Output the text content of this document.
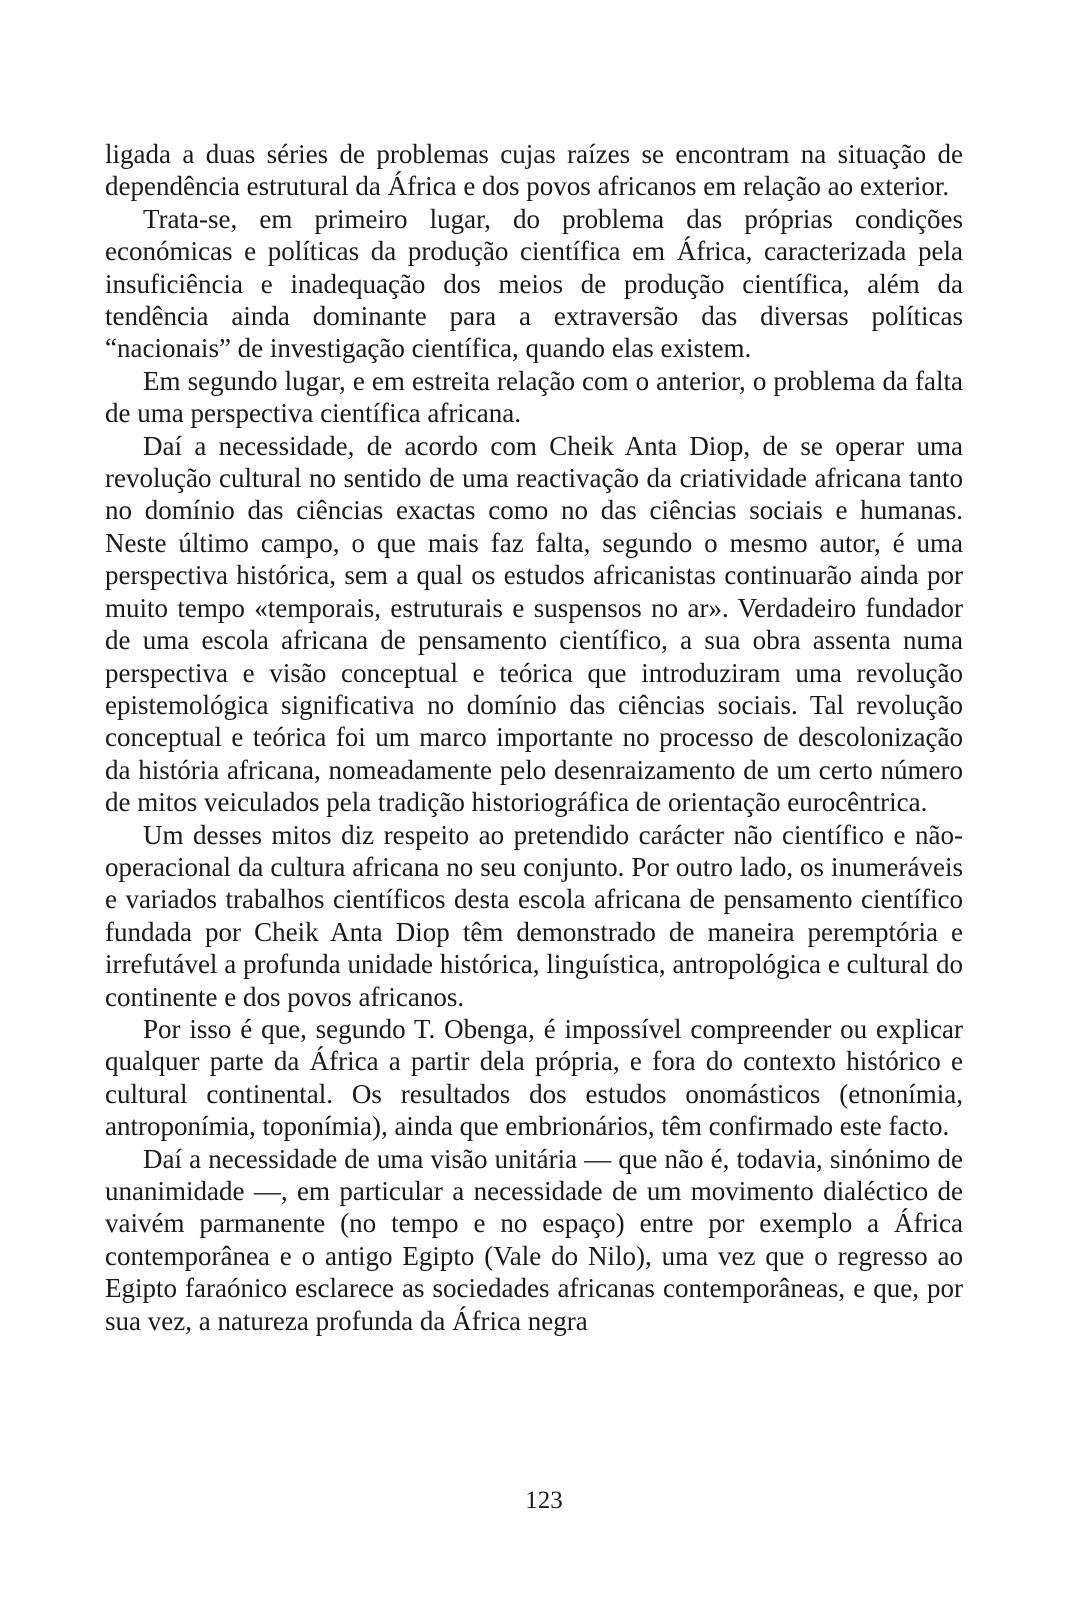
ligada a duas séries de problemas cujas raízes se encontram na situação de dependência estrutural da África e dos povos africanos em relação ao exterior.

Trata-se, em primeiro lugar, do problema das próprias condições económicas e políticas da produção científica em África, caracterizada pela insuficiência e inadequação dos meios de produção científica, além da tendência ainda dominante para a extraversão das diversas políticas “nacionais” de investigação científica, quando elas existem.

Em segundo lugar, e em estreita relação com o anterior, o problema da falta de uma perspectiva científica africana.

Daí a necessidade, de acordo com Cheik Anta Diop, de se operar uma revolução cultural no sentido de uma reactivação da criatividade africana tanto no domínio das ciências exactas como no das ciências sociais e humanas. Neste último campo, o que mais faz falta, segundo o mesmo autor, é uma perspectiva histórica, sem a qual os estudos africanistas continuarão ainda por muito tempo «temporais, estruturais e suspensos no ar». Verdadeiro fundador de uma escola africana de pensamento científico, a sua obra assenta numa perspectiva e visão conceptual e teórica que introduziram uma revolução epistemológica significativa no domínio das ciências sociais. Tal revolução conceptual e teórica foi um marco importante no processo de descolonização da história africana, nomeadamente pelo desenraizamento de um certo número de mitos veiculados pela tradição historiográfica de orientação eurocêntrica.

Um desses mitos diz respeito ao pretendido carácter não científico e não-operacional da cultura africana no seu conjunto. Por outro lado, os inumeráveis e variados trabalhos científicos desta escola africana de pensamento científico fundada por Cheik Anta Diop têm demonstrado de maneira peremptória e irrefutável a profunda unidade histórica, linguística, antropológica e cultural do continente e dos povos africanos.

Por isso é que, segundo T. Obenga, é impossível compreender ou explicar qualquer parte da África a partir dela própria, e fora do contexto histórico e cultural continental. Os resultados dos estudos onomásticos (etnonímia, antroponímia, toponímia), ainda que embrionários, têm confirmado este facto.

Daí a necessidade de uma visão unitária — que não é, todavia, sinónimo de unanimidade —, em particular a necessidade de um movimento dialéctico de vaivém parmanente (no tempo e no espaço) entre por exemplo a África contemporânea e o antigo Egipto (Vale do Nilo), uma vez que o regresso ao Egipto faraónico esclarece as sociedades africanas contemporâneas, e que, por sua vez, a natureza profunda da África negra

123
